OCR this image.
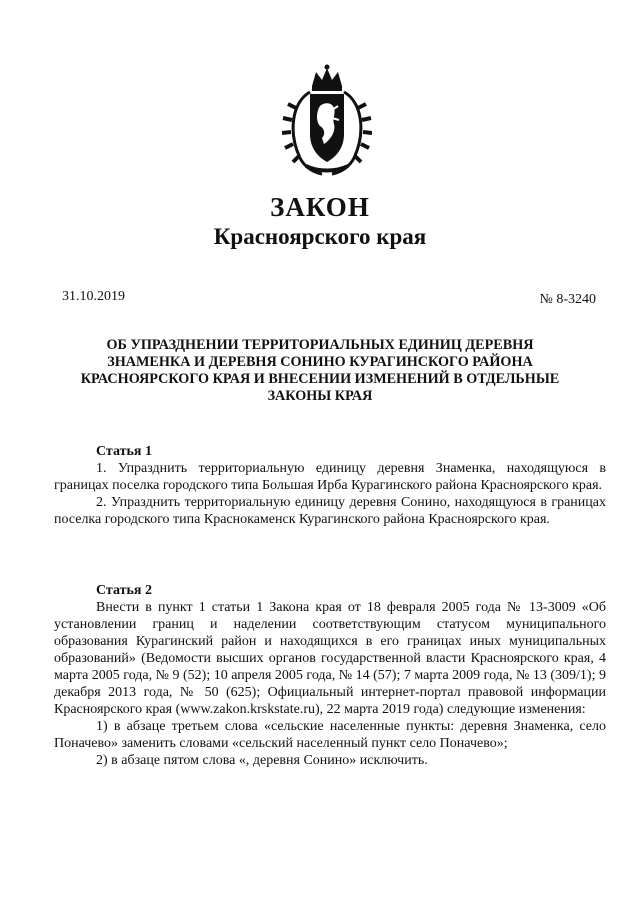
ЗАКОН
Красноярского края
31.10.2019	№ 8-3240
ОБ УПРАЗДНЕНИИ ТЕРРИТОРИАЛЬНЫХ ЕДИНИЦ ДЕРЕВНЯ ЗНАМЕНКА И ДЕРЕВНЯ СОНИНО КУРАГИНСКОГО РАЙОНА КРАСНОЯРСКОГО КРАЯ И ВНЕСЕНИИ ИЗМЕНЕНИЙ В ОТДЕЛЬНЫЕ ЗАКОНЫ КРАЯ
Статья 1

1. Упразднить территориальную единицу деревня Знаменка, находящуюся в границах поселка городского типа Большая Ирба Курагинского района Красноярского края.

2. Упразднить территориальную единицу деревня Сонино, находящуюся в границах поселка городского типа Краснокаменск Курагинского района Красноярского края.

Статья 2

Внести в пункт 1 статьи 1 Закона края от 18 февраля 2005 года № 13-3009 «Об установлении границ и наделении соответствующим статусом муниципального образования Курагинский район и находящихся в его границах иных муниципальных образований» (Ведомости высших органов государственной власти Красноярского края, 4 марта 2005 года, № 9 (52); 10 апреля 2005 года, № 14 (57); 7 марта 2009 года, № 13 (309/1); 9 декабря 2013 года, № 50 (625); Официальный интернет-портал правовой информации Красноярского края (www.zakon.krskstate.ru), 22 марта 2019 года) следующие изменения:

1) в абзаце третьем слова «сельские населенные пункты: деревня Знаменка, село Поначево» заменить словами «сельский населенный пункт село Поначево»;

2) в абзаце пятом слова «, деревня Сонино» исключить.
